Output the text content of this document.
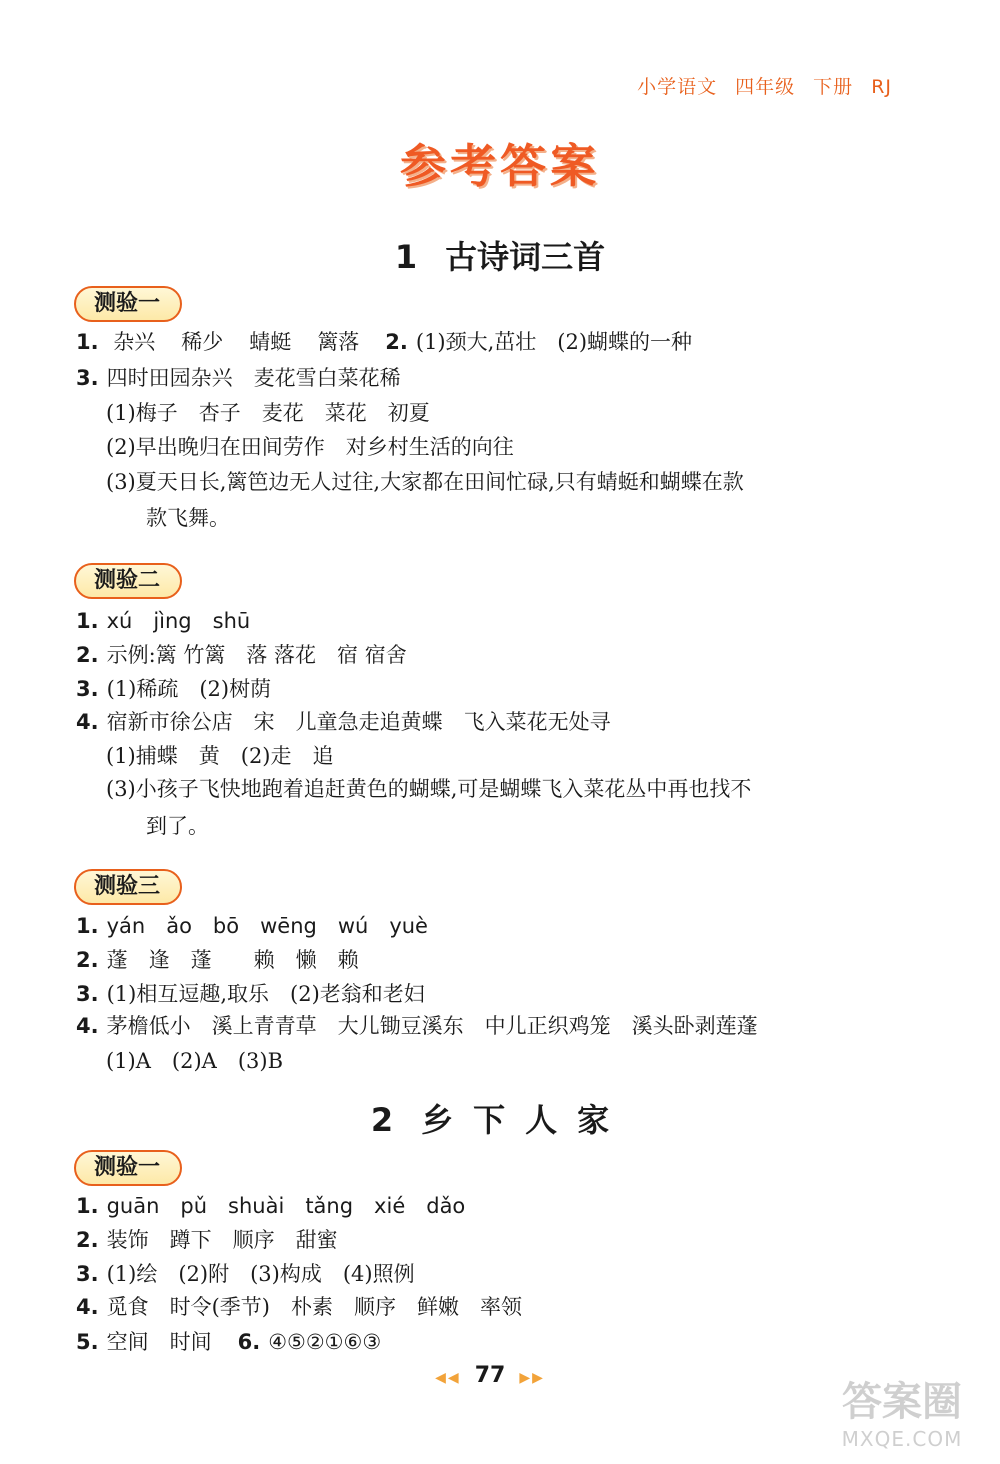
小学语文 四年级 下册 RJ
参考答案
1 古诗词三首
测验一
1. 杂兴 稀少 蜻蜓 篱落 2. (1)颈大,茁壮　(2)蝴蝶的一种
3. 四时田园杂兴　麦花雪白菜花稀
(1)梅子　杏子　麦花　菜花　初夏
(2)早出晚归在田间劳作　对乡村生活的向往
(3)夏天日长,篱笆边无人过往,大家都在田间忙碌,只有蜻蜓和蝴蝶在款
款飞舞。
测验二
1. xú　jìng　shū
2. 示例:篱 竹篱　落 落花　宿 宿舍
3. (1)稀疏　(2)树荫
4. 宿新市徐公店　宋　儿童急走追黄蝶　飞入菜花无处寻
(1)捕蝶　黄　(2)走　追
(3)小孩子飞快地跑着追赶黄色的蝴蝶,可是蝴蝶飞入菜花丛中再也找不
到了。
测验三
1. yán　ǎo　bō　wēng　wú　yuè
2. 蓬　逢　蓬　　赖　懒　赖
3. (1)相互逗趣,取乐　(2)老翁和老妇
4. 茅檐低小　溪上青青草　大儿锄豆溪东　中儿正织鸡笼　溪头卧剥莲蓬
(1)A　(2)A　(3)B
2 乡下人家
测验一
1. guān　pǔ　shuài　tǎng　xié　dǎo
2. 装饰　蹲下　顺序　甜蜜
3. (1)绘　(2)附　(3)构成　(4)照例
4. 觅食　时令(季节)　朴素　顺序　鲜嫩　率领
5. 空间　时间 6. ④⑤②①⑥③
◀◀ 77 ▶▶
答案圈
MXQE.COM
